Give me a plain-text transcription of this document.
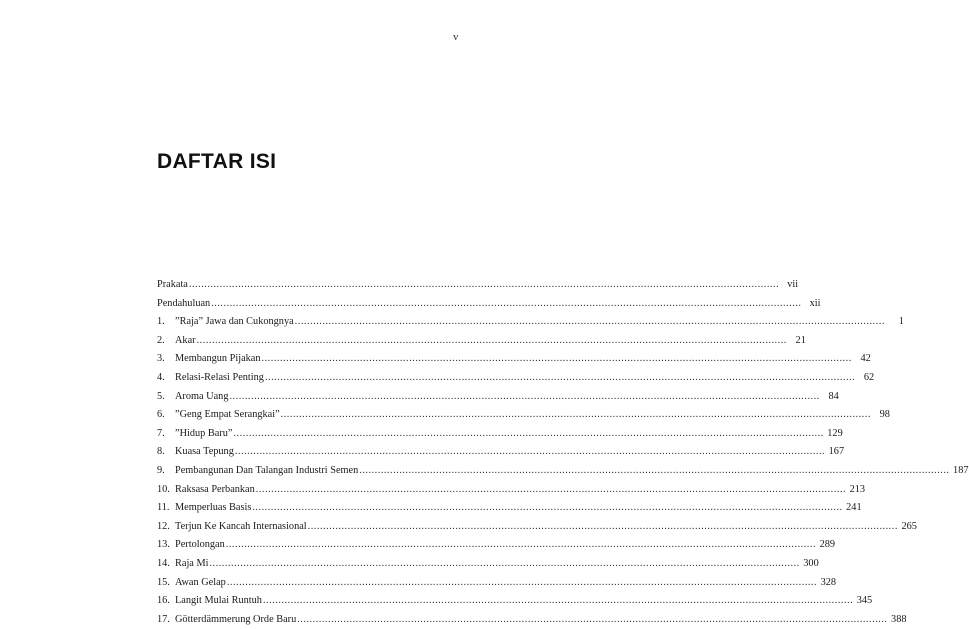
v
DAFTAR ISI
Prakata .....	vii
Pendahuluan .....	xii
1. ”Raja” Jawa dan Cukongnya .....	1
2. Akar .....	21
3. Membangun Pijakan .....	42
4. Relasi-Relasi Penting .....	62
5. Aroma Uang .....	84
6. ”Geng Empat Serangkai” .....	98
7. ”Hidup Baru” .....	129
8. Kuasa Tepung .....	167
9. Pembangunan Dan Talangan Industri Semen .....	187
10. Raksasa Perbankan .....	213
11. Memperluas Basis .....	241
12. Terjun Ke Kancah Internasional .....	265
13. Pertolongan .....	289
14. Raja Mi .....	300
15. Awan Gelap .....	328
16. Langit Mulai Runtuh .....	345
17. Götterdämmerung Orde Baru .....	388
